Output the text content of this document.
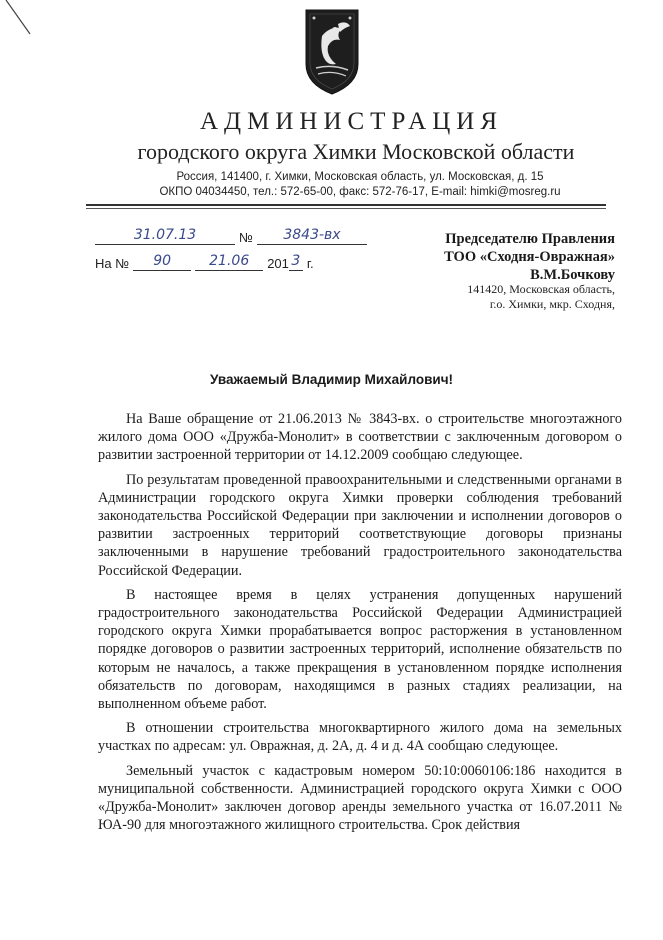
АДМИНИСТРАЦИЯ
городского округа Химки Московской области
Россия, 141400, г. Химки, Московская область, ул. Московская, д. 15
ОКПО 04034450, тел.: 572-65-00, факс: 572-76-17, E-mail: himki@mosreg.ru
31.07.13	№ 3843-вх
На № 90	21.06 201 3 г.
Председателю Правления
ТОО «Сходня-Овражная»
В.М.Бочкову
141420, Московская область,
г.о. Химки, мкр. Сходня,
Уважаемый Владимир Михайлович!

На Ваше обращение от 21.06.2013 № 3843-вх. о строительстве многоэтажного жилого дома ООО «Дружба-Монолит» в соответствии с заключенным договором о развитии застроенной территории от 14.12.2009 сообщаю следующее.

По результатам проведенной правоохранительными и следственными органами в Администрации городского округа Химки проверки соблюдения требований законодательства Российской Федерации при заключении и исполнении договоров о развитии застроенных территорий соответствующие договоры признаны заключенными в нарушение требований градостроительного законодательства Российской Федерации.

В настоящее время в целях устранения допущенных нарушений градостроительного законодательства Российской Федерации Администрацией городского округа Химки прорабатывается вопрос расторжения в установленном порядке договоров о развитии застроенных территорий, исполнение обязательств по которым не началось, а также прекращения в установленном порядке исполнения обязательств по договорам, находящимся в разных стадиях реализации, на выполненном объеме работ.

В отношении строительства многоквартирного жилого дома на земельных участках по адресам: ул. Овражная, д. 2А, д. 4 и д. 4А сообщаю следующее.

Земельный участок с кадастровым номером 50:10:0060106:186 находится в муниципальной собственности. Администрацией городского округа Химки с ООО «Дружба-Монолит» заключен договор аренды земельного участка от 16.07.2011 № ЮА-90 для многоэтажного жилищного строительства. Срок действия
